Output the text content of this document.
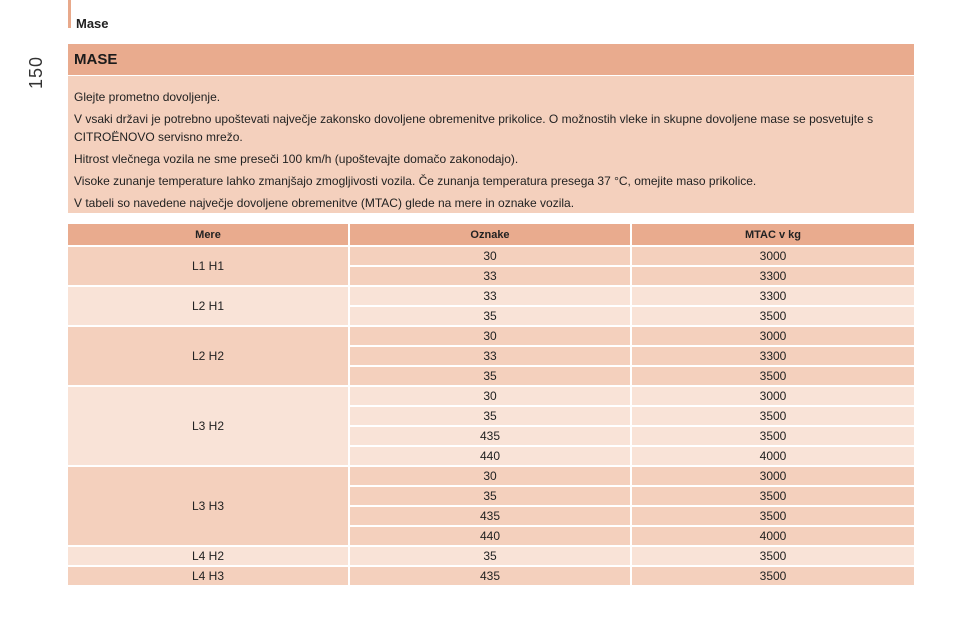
Mase
150	MASE

Glejte prometno dovoljenje.

V vsaki državi je potrebno upoštevati največje zakonsko dovoljene obremenitve prikolice. O možnostih vleke in skupne dovoljene mase se posvetujte s CITROËNOVO servisno mrežo.

Hitrost vlečnega vozila ne sme preseči 100 km/h (upoštevajte domačo zakonodajo).

Visoke zunanje temperature lahko zmanjšajo zmogljivosti vozila. Če zunanja temperatura presega 37 °C, omejite maso prikolice.

V tabeli so navedene največje dovoljene obremenitve (MTAC) glede na mere in oznake vozila.

Mere	Oznake	MTAC v kg
L1 H1	30	3000
	33	3300
L2 H1	33	3300
	35	3500
L2 H2	30	3000
	33	3300
	35	3500
L3 H2	30	3000
	35	3500
	435	3500
	440	4000
L3 H3	30	3000
	35	3500
	435	3500
	440	4000
L4 H2	35	3500
L4 H3	435	3500
